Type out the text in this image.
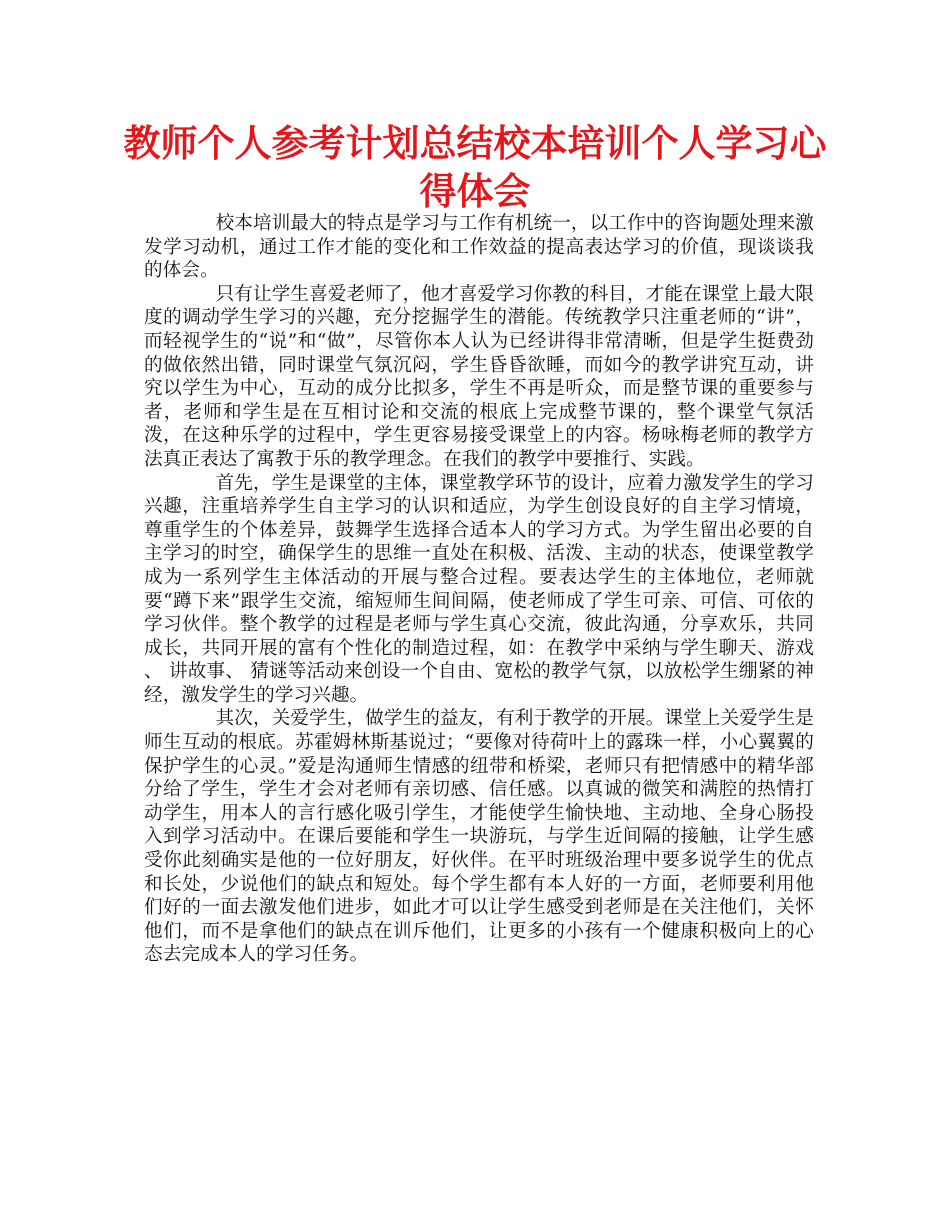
教师个人参考计划总结校本培训个人学习心得体会

校本培训最大的特点是学习与工作有机统一，以工作中的咨询题处理来激发学习动机，通过工作才能的变化和工作效益的提高表达学习的价值，现谈谈我的体会。

只有让学生喜爱老师了，他才喜爱学习你教的科目，才能在课堂上最大限度的调动学生学习的兴趣，充分挖掘学生的潜能。传统教学只注重老师的“讲”，而轻视学生的“说”和“做”，尽管你本人认为已经讲得非常清晰，但是学生挺费劲的做依然出错，同时课堂气氛沉闷，学生昏昏欲睡，而如今的教学讲究互动，讲究以学生为中心，互动的成分比拟多，学生不再是听众，而是整节课的重要参与者，老师和学生是在互相讨论和交流的根底上完成整节课的，整个课堂气氛活泼，在这种乐学的过程中，学生更容易接受课堂上的内容。杨咏梅老师的教学方法真正表达了寓教于乐的教学理念。在我们的教学中要推行、实践。

首先，学生是课堂的主体，课堂教学环节的设计，应着力激发学生的学习兴趣，注重培养学生自主学习的认识和适应，为学生创设良好的自主学习情境，尊重学生的个体差异，鼓舞学生选择合适本人的学习方式。为学生留出必要的自主学习的时空，确保学生的思维一直处在积极、活泼、主动的状态，使课堂教学成为一系列学生主体活动的开展与整合过程。要表达学生的主体地位，老师就要“蹲下来”跟学生交流，缩短师生间间隔，使老师成了学生可亲、可信、可依的学习伙伴。整个教学的过程是老师与学生真心交流，彼此沟通，分享欢乐，共同成长，共同开展的富有个性化的制造过程，如：在教学中采纳与学生聊天、游戏 、 讲故事、 猜谜等活动来创设一个自由、宽松的教学气氛，以放松学生绷紧的神经，激发学生的学习兴趣。

其次，关爱学生，做学生的益友，有利于教学的开展。课堂上关爱学生是师生互动的根底。苏霍姆林斯基说过；“要像对待荷叶上的露珠一样，小心翼翼的保护学生的心灵。”爱是沟通师生情感的纽带和桥梁，老师只有把情感中的精华部分给了学生，学生才会对老师有亲切感、信任感。以真诚的微笑和满腔的热情打动学生，用本人的言行感化吸引学生，才能使学生愉快地、主动地、全身心肠投入到学习活动中。在课后要能和学生一块游玩，与学生近间隔的接触，让学生感受你此刻确实是他的一位好朋友，好伙伴。在平时班级治理中要多说学生的优点和长处，少说他们的缺点和短处。每个学生都有本人好的一方面，老师要利用他们好的一面去激发他们进步，如此才可以让学生感受到老师是在关注他们，关怀他们，而不是拿他们的缺点在训斥他们，让更多的小孩有一个健康积极向上的心态去完成本人的学习任务。
